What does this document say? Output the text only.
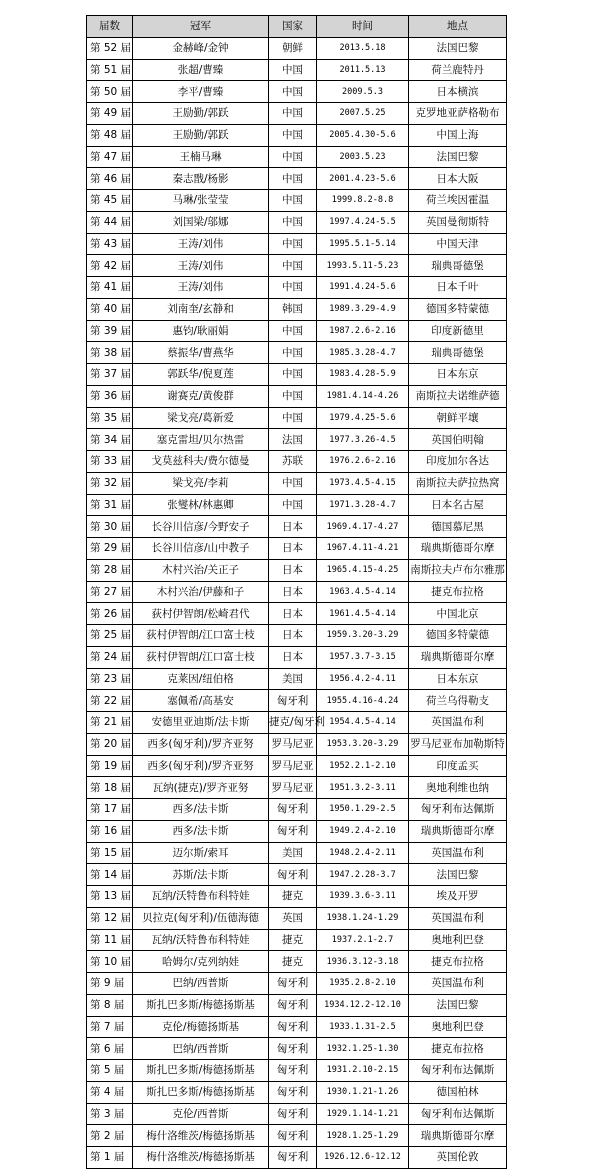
届数	冠军	国家	时间	地点
第 52 届	金赫峰/金钟	朝鲜	2013.5.18	法国巴黎
第 51 届	张超/曹臻	中国	2011.5.13	荷兰鹿特丹
第 50 届	李平/曹臻	中国	2009.5.3	日本横滨
第 49 届	王励勤/郭跃	中国	2007.5.25	克罗地亚萨格勒布
第 48 届	王励勤/郭跃	中国	2005.4.30-5.6	中国上海
第 47 届	王楠马琳	中国	2003.5.23	法国巴黎
第 46 届	秦志戬/杨影	中国	2001.4.23-5.6	日本大阪
第 45 届	马琳/张莹莹	中国	1999.8.2-8.8	荷兰埃因霍温
第 44 届	刘国梁/邬娜	中国	1997.4.24-5.5	英国曼彻斯特
第 43 届	王涛/刘伟	中国	1995.5.1-5.14	中国天津
第 42 届	王涛/刘伟	中国	1993.5.11-5.23	瑞典哥德堡
第 41 届	王涛/刘伟	中国	1991.4.24-5.6	日本千叶
第 40 届	刘南奎/玄静和	韩国	1989.3.29-4.9	德国多特蒙德
第 39 届	惠钧/耿丽娟	中国	1987.2.6-2.16	印度新德里
第 38 届	蔡振华/曹燕华	中国	1985.3.28-4.7	瑞典哥德堡
第 37 届	郭跃华/倪夏莲	中国	1983.4.28-5.9	日本东京
第 36 届	谢赛克/黄俊群	中国	1981.4.14-4.26	南斯拉夫诺维萨德
第 35 届	梁戈亮/葛新爱	中国	1979.4.25-5.6	朝鲜平壤
第 34 届	塞克雷坦/贝尔热雷	法国	1977.3.26-4.5	英国伯明翰
第 33 届	戈莫兹科夫/费尔德曼	苏联	1976.2.6-2.16	印度加尔各达
第 32 届	梁戈亮/李莉	中国	1973.4.5-4.15	南斯拉夫萨拉热窝
第 31 届	张燮林/林惠卿	中国	1971.3.28-4.7	日本名古屋
第 30 届	长谷川信彦/今野安子	日本	1969.4.17-4.27	德国慕尼黑
第 29 届	长谷川信彦/山中教子	日本	1967.4.11-4.21	瑞典斯德哥尔摩
第 28 届	木村兴治/关正子	日本	1965.4.15-4.25	南斯拉夫卢布尔雅那
第 27 届	木村兴治/伊藤和子	日本	1963.4.5-4.14	捷克布拉格
第 26 届	荻村伊智朗/松崎君代	日本	1961.4.5-4.14	中国北京
第 25 届	荻村伊智朗/江口富士枝	日本	1959.3.20-3.29	德国多特蒙德
第 24 届	荻村伊智朗/江口富士枝	日本	1957.3.7-3.15	瑞典斯德哥尔摩
第 23 届	克莱因/纽伯格	美国	1956.4.2-4.11	日本东京
第 22 届	塞佩希/高基安	匈牙利	1955.4.16-4.24	荷兰乌得勒支
第 21 届	安德里亚迪斯/法卡斯	捷克/匈牙利	1954.4.5-4.14	英国温布利
第 20 届	西多(匈牙利)/罗齐亚努	罗马尼亚	1953.3.20-3.29	罗马尼亚布加勒斯特
第 19 届	西多(匈牙利)/罗齐亚努	罗马尼亚	1952.2.1-2.10	印度孟买
第 18 届	瓦纳(捷克)/罗齐亚努	罗马尼亚	1951.3.2-3.11	奥地利维也纳
第 17 届	西多/法卡斯	匈牙利	1950.1.29-2.5	匈牙利布达佩斯
第 16 届	西多/法卡斯	匈牙利	1949.2.4-2.10	瑞典斯德哥尔摩
第 15 届	迈尔斯/索耳	美国	1948.2.4-2.11	英国温布利
第 14 届	苏斯/法卡斯	匈牙利	1947.2.28-3.7	法国巴黎
第 13 届	瓦纳/沃特鲁布科特娃	捷克	1939.3.6-3.11	埃及开罗
第 12 届	贝拉克(匈牙利)/伍德海德	英国	1938.1.24-1.29	英国温布利
第 11 届	瓦纳/沃特鲁布科特娃	捷克	1937.2.1-2.7	奥地利巴登
第 10 届	哈姆尔/克列纳娃	捷克	1936.3.12-3.18	捷克布拉格
第 9 届	巴纳/西普斯	匈牙利	1935.2.8-2.10	英国温布利
第 8 届	斯扎巴多斯/梅德扬斯基	匈牙利	1934.12.2-12.10	法国巴黎
第 7 届	克伦/梅德扬斯基	匈牙利	1933.1.31-2.5	奥地利巴登
第 6 届	巴纳/西普斯	匈牙利	1932.1.25-1.30	捷克布拉格
第 5 届	斯扎巴多斯/梅德扬斯基	匈牙利	1931.2.10-2.15	匈牙利布达佩斯
第 4 届	斯扎巴多斯/梅德扬斯基	匈牙利	1930.1.21-1.26	德国柏林
第 3 届	克伦/西普斯	匈牙利	1929.1.14-1.21	匈牙利布达佩斯
第 2 届	梅什洛维茨/梅德扬斯基	匈牙利	1928.1.25-1.29	瑞典斯德哥尔摩
第 1 届	梅什洛维茨/梅德扬斯基	匈牙利	1926.12.6-12.12	英国伦敦
